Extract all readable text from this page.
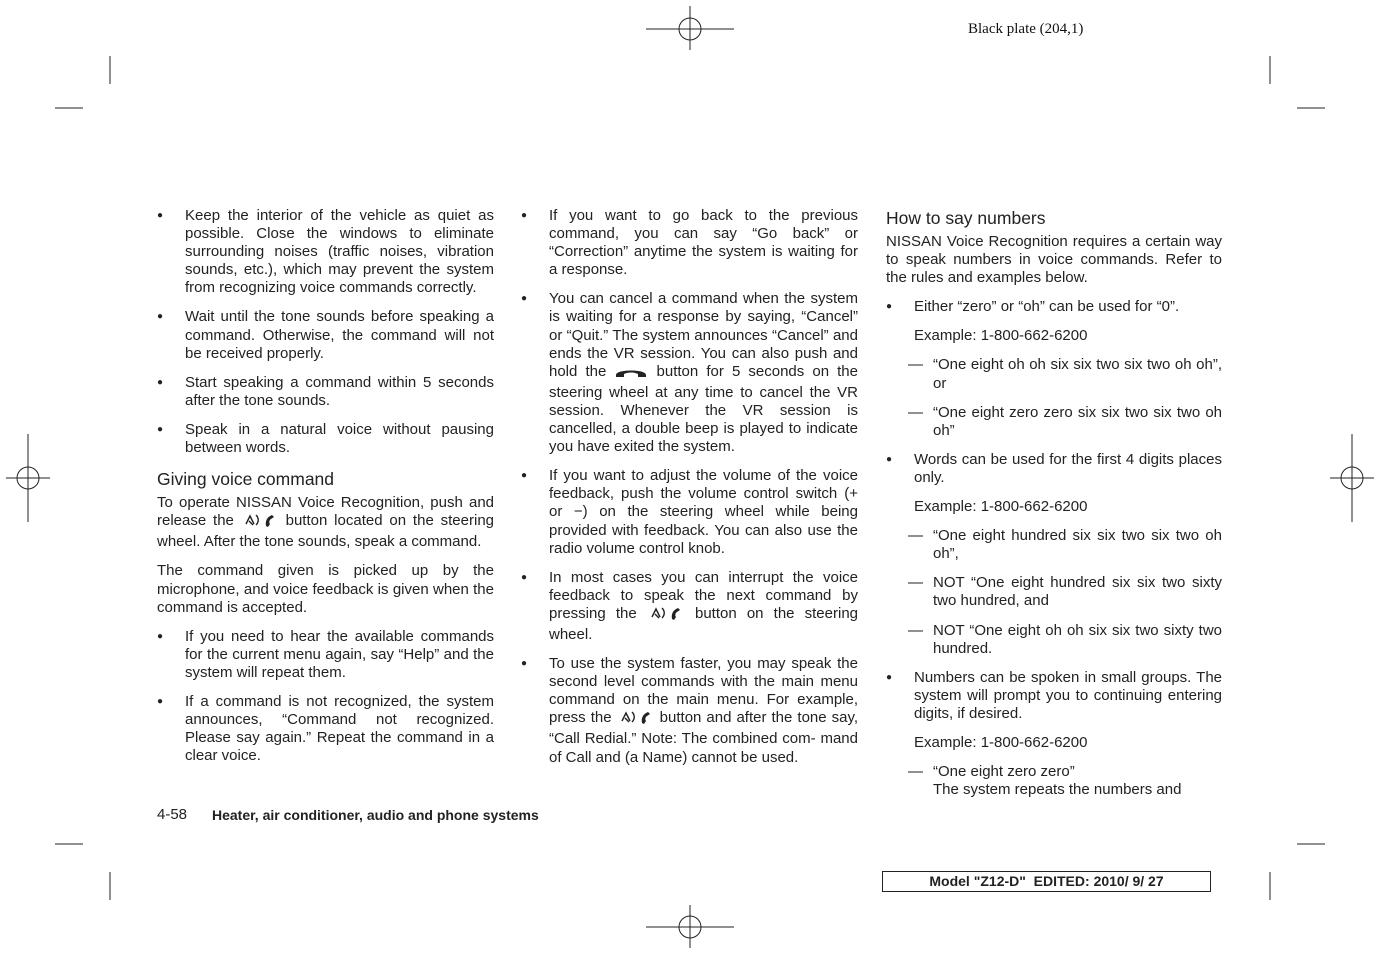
Black plate (204,1)
● Keep the interior of the vehicle as quiet as possible. Close the windows to eliminate surrounding noises (traffic noises, vibration sounds, etc.), which may prevent the system from recognizing voice commands correctly.
● Wait until the tone sounds before speaking a command. Otherwise, the command will not be received properly.
● Start speaking a command within 5 seconds after the tone sounds.
● Speak in a natural voice without pausing between words.
Giving voice command

To operate NISSAN Voice Recognition, push and release the	button located on the steering wheel. After the tone sounds, speak a command.

The command given is picked up by the microphone, and voice feedback is given when the command is accepted.

● If you need to hear the available commands for the current menu again, say “Help” and the system will repeat them.
● If a command is not recognized, the system announces, “Command not recognized. Please say again.” Repeat the command in a clear voice.
● If you want to go back to the previous command, you can say “Go back” or “Correction” anytime the system is waiting for a response.
● You can cancel a command when the system is waiting for a response by saying, “Cancel” or “Quit.” The system announces “Cancel” and ends the VR session. You can also push and hold the	button for 5 seconds on the steering wheel at any time to cancel the VR session. Whenever the VR session is cancelled, a double beep is played to indicate you have exited the system.
● If you want to adjust the volume of the voice feedback, push the volume control switch (+ or −) on the steering wheel while being provided with feedback. You can also use the radio volume control knob.
● In most cases you can interrupt the voice feedback to speak the next command by pressing the	button on the steering wheel.
● To use the system faster, you may speak the second level commands with the main menu command on the main menu. For example, press the	button and after the tone say, “Call Redial.” Note: The combined com- mand of Call and (a Name) cannot be used.
How to say numbers

NISSAN Voice Recognition requires a certain way to speak numbers in voice commands. Refer to the rules and examples below.

● Either “zero” or “oh” can be used for “0”.
Example: 1-800-662-6200
— “One eight oh oh six six two six two oh oh”, or
— “One eight zero zero six six two six two oh oh”
● Words can be used for the first 4 digits places only.
Example: 1-800-662-6200
— “One eight hundred six six two six two oh oh”,
— NOT “One eight hundred six six two sixty two hundred, and
— NOT “One eight oh oh six six two sixty two hundred.
● Numbers can be spoken in small groups. The system will prompt you to continuing entering digits, if desired.
Example: 1-800-662-6200
— “One eight zero zero”
The system repeats the numbers and
4-58 Heater, air conditioner, audio and phone systems
Model "Z12-D" EDITED: 2010/ 9/ 27
